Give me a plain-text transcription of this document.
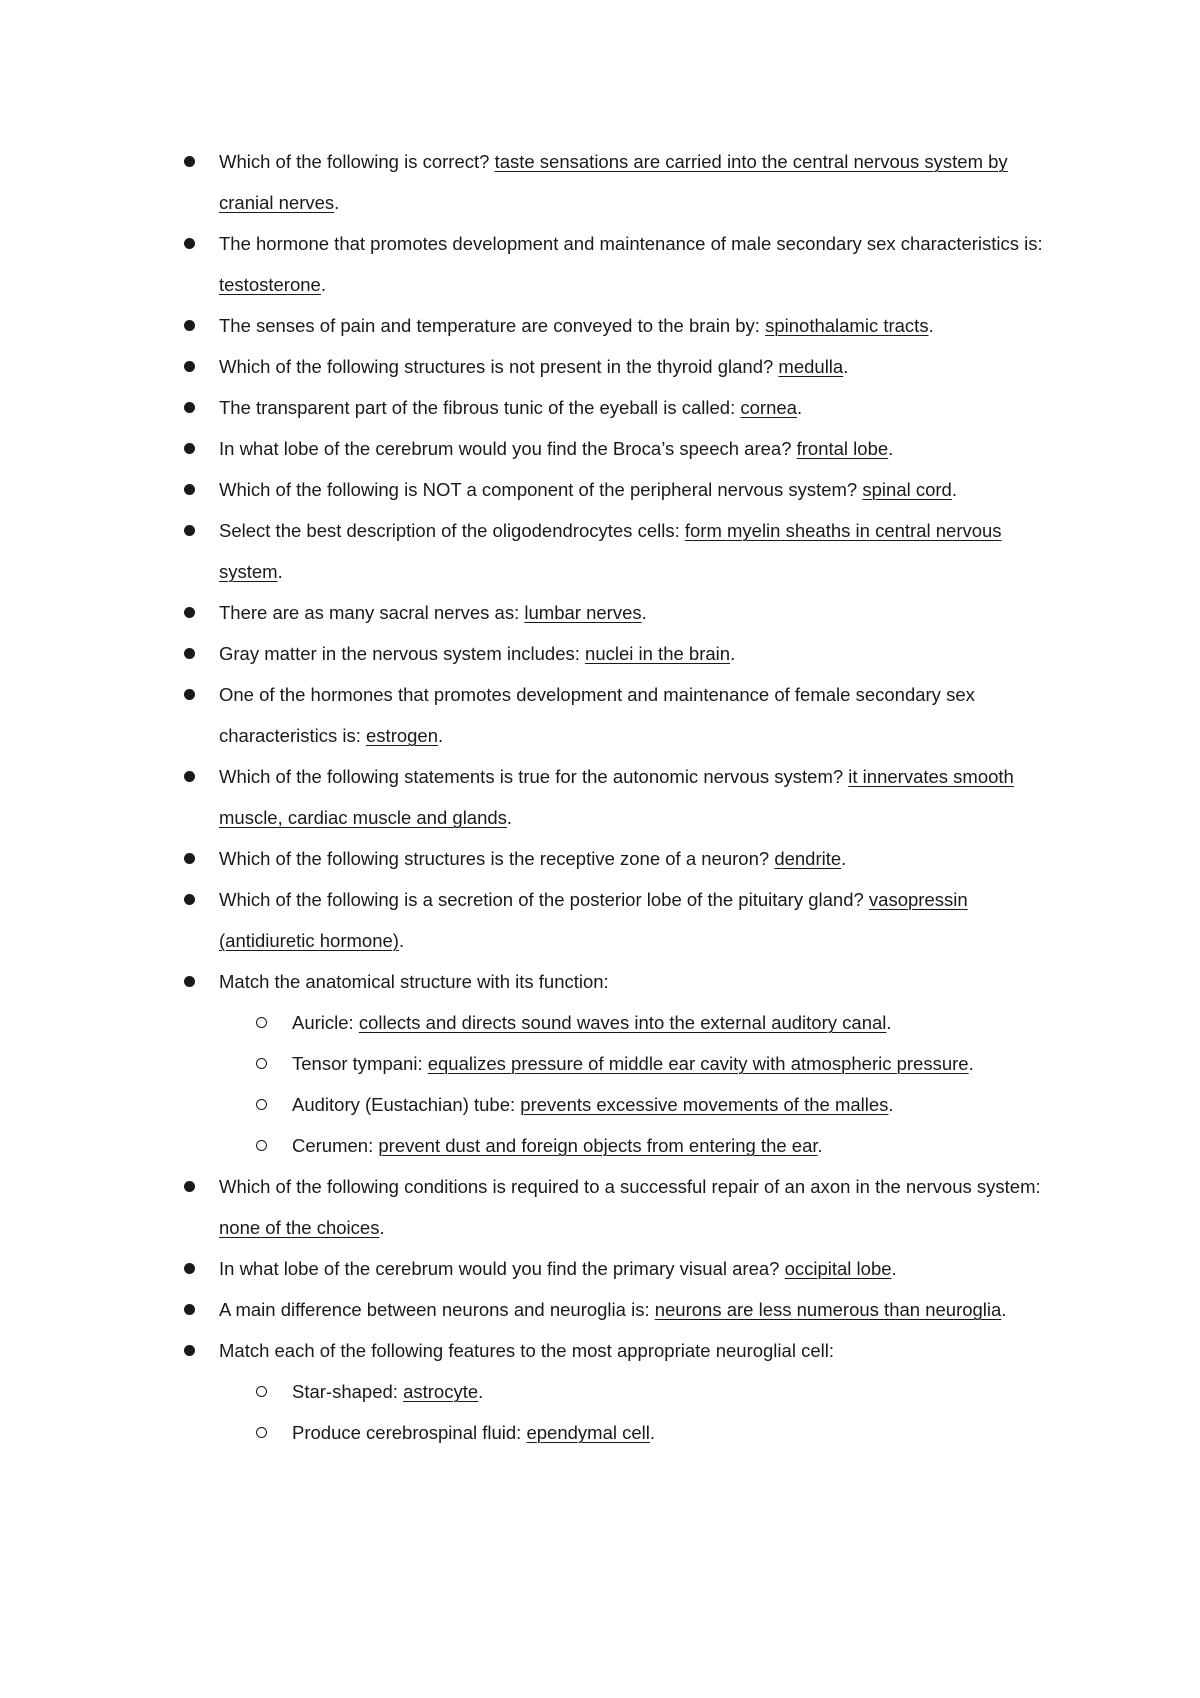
Which of the following is correct? taste sensations are carried into the central nervous system by cranial nerves.
The hormone that promotes development and maintenance of male secondary sex characteristics is: testosterone.
The senses of pain and temperature are conveyed to the brain by: spinothalamic tracts.
Which of the following structures is not present in the thyroid gland? medulla.
The transparent part of the fibrous tunic of the eyeball is called: cornea.
In what lobe of the cerebrum would you find the Broca’s speech area? frontal lobe.
Which of the following is NOT a component of the peripheral nervous system? spinal cord.
Select the best description of the oligodendrocytes cells: form myelin sheaths in central nervous system.
There are as many sacral nerves as: lumbar nerves.
Gray matter in the nervous system includes: nuclei in the brain.
One of the hormones that promotes development and maintenance of female secondary sex characteristics is: estrogen.
Which of the following statements is true for the autonomic nervous system? it innervates smooth muscle, cardiac muscle and glands.
Which of the following structures is the receptive zone of a neuron? dendrite.
Which of the following is a secretion of the posterior lobe of the pituitary gland? vasopressin (antidiuretic hormone).
Match the anatomical structure with its function:
Auricle: collects and directs sound waves into the external auditory canal.
Tensor tympani: equalizes pressure of middle ear cavity with atmospheric pressure.
Auditory (Eustachian) tube: prevents excessive movements of the malles.
Cerumen: prevent dust and foreign objects from entering the ear.
Which of the following conditions is required to a successful repair of an axon in the nervous system: none of the choices.
In what lobe of the cerebrum would you find the primary visual area? occipital lobe.
A main difference between neurons and neuroglia is: neurons are less numerous than neuroglia.
Match each of the following features to the most appropriate neuroglial cell:
Star-shaped: astrocyte.
Produce cerebrospinal fluid: ependymal cell.
